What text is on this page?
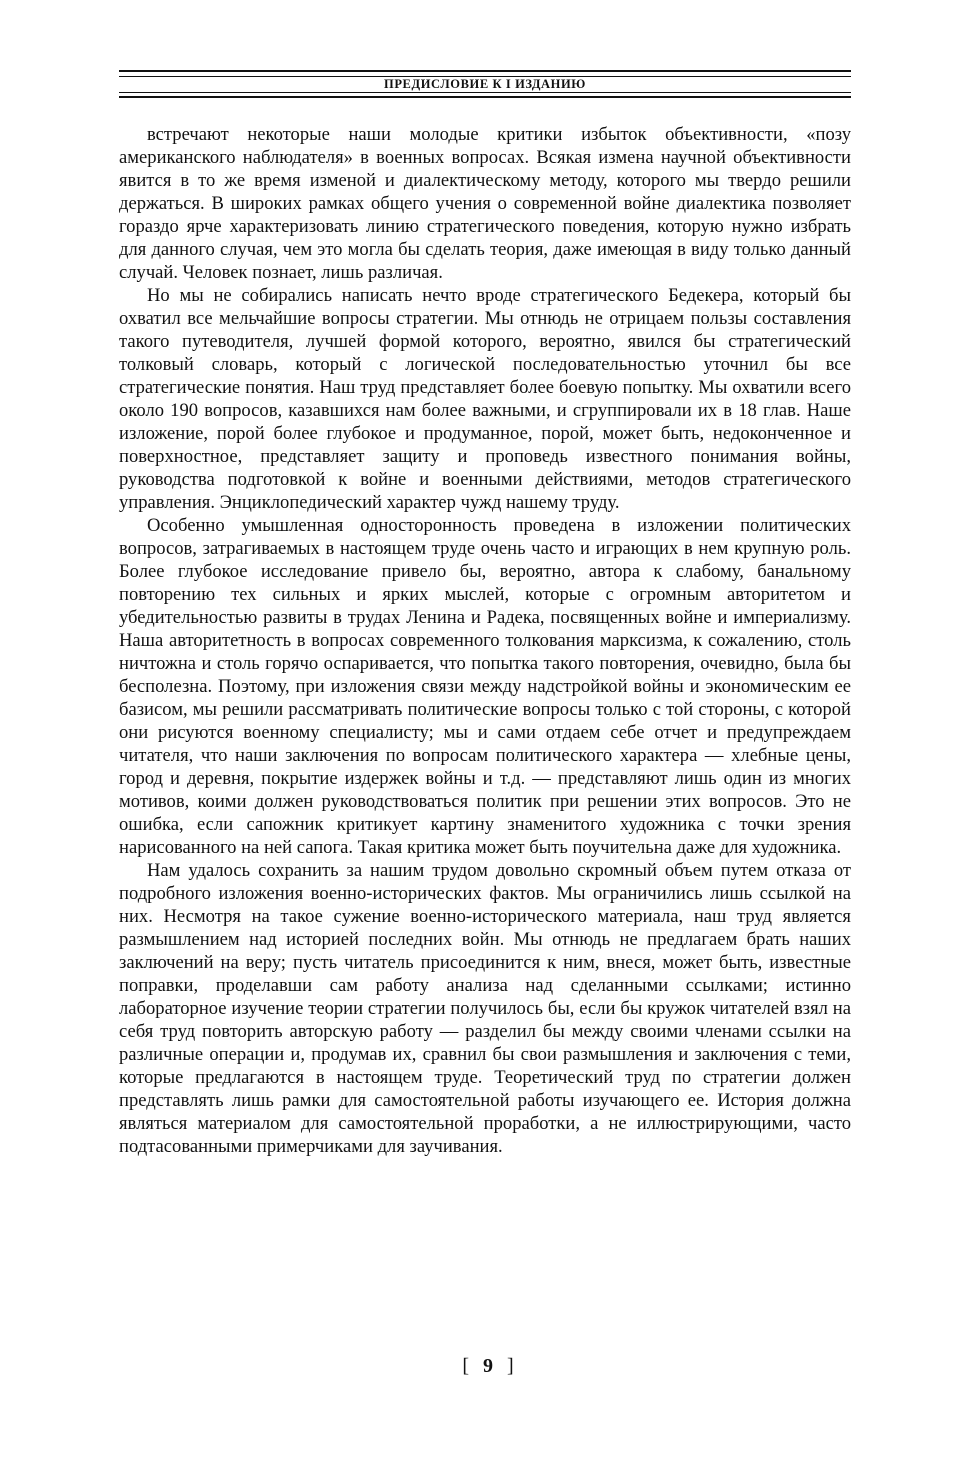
ПРЕДИСЛОВИЕ К I ИЗДАНИЮ

встречают некоторые наши молодые критики избыток объективности, «позу американского наблюдателя» в военных вопросах. Всякая измена научной объективности явится в то же время изменой и диалектическому методу, которого мы твердо решили держаться. В широких рамках общего учения о современной войне диалектика позволяет гораздо ярче характеризовать линию стратегического поведения, которую нужно избрать для данного случая, чем это могла бы сделать теория, даже имеющая в виду только данный случай. Человек познает, лишь различая.

Но мы не собирались написать нечто вроде стратегического Бедекера, который бы охватил все мельчайшие вопросы стратегии. Мы отнюдь не отрицаем пользы составления такого путеводителя, лучшей формой которого, вероятно, явился бы стратегический толковый словарь, который с логической последовательностью уточнил бы все стратегические понятия. Наш труд представляет более боевую попытку. Мы охватили всего около 190 вопросов, казавшихся нам более важными, и сгруппировали их в 18 глав. Наше изложение, порой более глубокое и продуманное, порой, может быть, недоконченное и поверхностное, представляет защиту и проповедь известного понимания войны, руководства подготовкой к войне и военными действиями, методов стратегического управления. Энциклопедический характер чужд нашему труду.

Особенно умышленная односторонность проведена в изложении политических вопросов, затрагиваемых в настоящем труде очень часто и играющих в нем крупную роль. Более глубокое исследование привело бы, вероятно, автора к слабому, банальному повторению тех сильных и ярких мыслей, которые с огромным авторитетом и убедительностью развиты в трудах Ленина и Радека, посвященных войне и империализму. Наша авторитетность в вопросах современного толкования марксизма, к сожалению, столь ничтожна и столь горячо оспаривается, что попытка такого повторения, очевидно, была бы бесполезна. Поэтому, при изложения связи между надстройкой войны и экономическим ее базисом, мы решили рассматривать политические вопросы только с той стороны, с которой они рисуются военному специалисту; мы и сами отдаем себе отчет и предупреждаем читателя, что наши заключения по вопросам политического характера — хлебные цены, город и деревня, покрытие издержек войны и т.д. — представляют лишь один из многих мотивов, коими должен руководствоваться политик при решении этих вопросов. Это не ошибка, если сапожник критикует картину знаменитого художника с точки зрения нарисованного на ней сапога. Такая критика может быть поучительна даже для художника.

Нам удалось сохранить за нашим трудом довольно скромный объем путем отказа от подробного изложения военно-исторических фактов. Мы ограничились лишь ссылкой на них. Несмотря на такое сужение военно-исторического материала, наш труд является размышлением над историей последних войн. Мы отнюдь не предлагаем брать наших заключений на веру; пусть читатель присоединится к ним, внеся, может быть, известные поправки, проделавши сам работу анализа над сделанными ссылками; истинно лабораторное изучение теории стратегии получилось бы, если бы кружок читателей взял на себя труд повторить авторскую работу — разделил бы между своими членами ссылки на различные операции и, продумав их, сравнил бы свои размышления и заключения с теми, которые предлагаются в настоящем труде. Теоретический труд по стратегии должен представлять лишь рамки для самостоятельной работы изучающего ее. История должна являться материалом для самостоятельной проработки, а не иллюстрирующими, часто подтасованными примерчиками для заучивания.

[ 9 ]
